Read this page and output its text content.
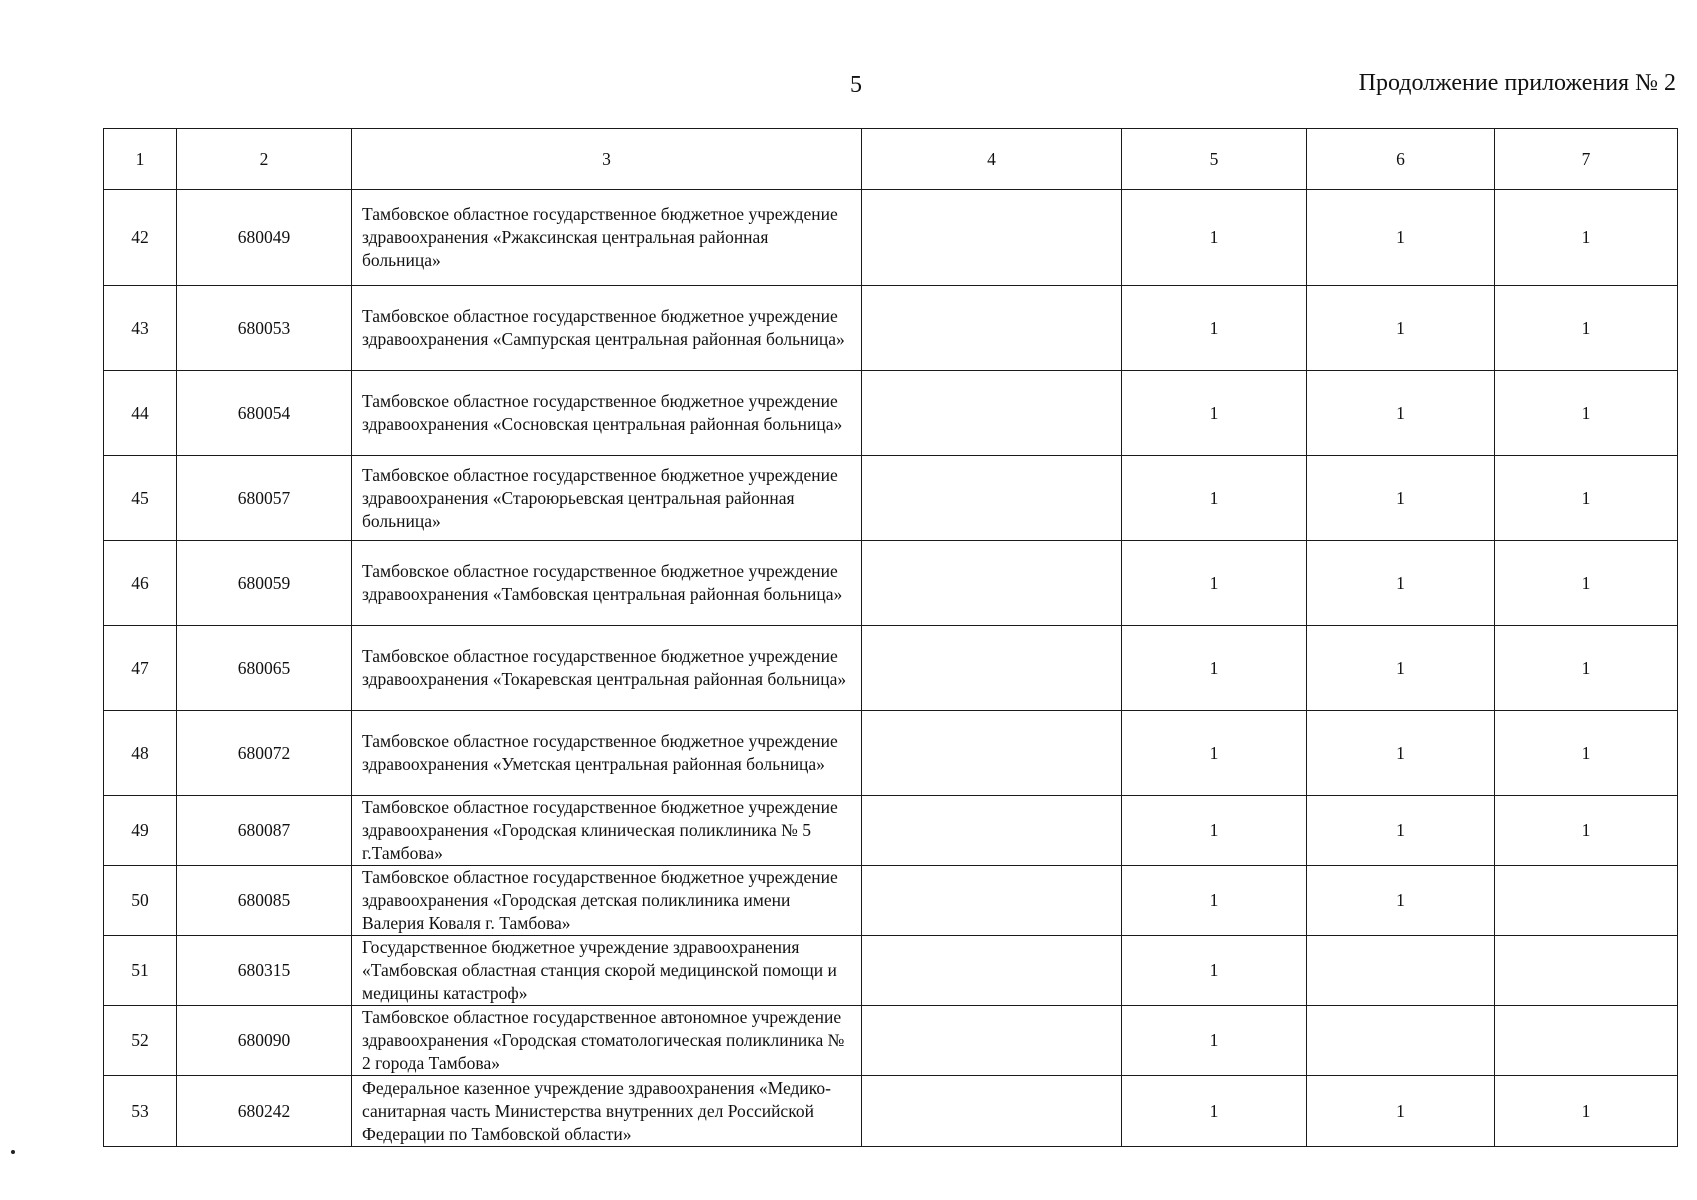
5	Продолжение приложения № 2
1	2	3	4	5	6	7
42	680049	Тамбовское областное государственное бюджетное учреждение здравоохранения «Ржаксинская центральная районная больница»		1	1	1
43	680053	Тамбовское областное государственное бюджетное учреждение здравоохранения «Сампурская центральная районная больница»		1	1	1
44	680054	Тамбовское областное государственное бюджетное учреждение здравоохранения «Сосновская центральная районная больница»		1	1	1
45	680057	Тамбовское областное государственное бюджетное учреждение здравоохранения «Староюрьевская центральная районная больница»		1	1	1
46	680059	Тамбовское областное государственное бюджетное учреждение здравоохранения «Тамбовская центральная районная больница»		1	1	1
47	680065	Тамбовское областное государственное бюджетное учреждение здравоохранения «Токаревская центральная районная больница»		1	1	1
48	680072	Тамбовское областное государственное бюджетное учреждение здравоохранения «Уметская центральная районная больница»		1	1	1
49	680087	Тамбовское областное государственное бюджетное учреждение здравоохранения «Городская клиническая поликлиника № 5 г.Тамбова»		1	1	1
50	680085	Тамбовское областное государственное бюджетное учреждение здравоохранения «Городская детская поликлиника имени Валерия Коваля г. Тамбова»		1	1	
51	680315	Государственное бюджетное учреждение здравоохранения «Тамбовская областная станция скорой медицинской помощи и медицины катастроф»		1		
52	680090	Тамбовское областное государственное автономное учреждение здравоохранения «Городская стоматологическая поликлиника № 2 города Тамбова»		1		
53	680242	Федеральное казенное учреждение здравоохранения «Медико-санитарная часть Министерства внутренних дел Российской Федерации по Тамбовской области»		1	1	1
